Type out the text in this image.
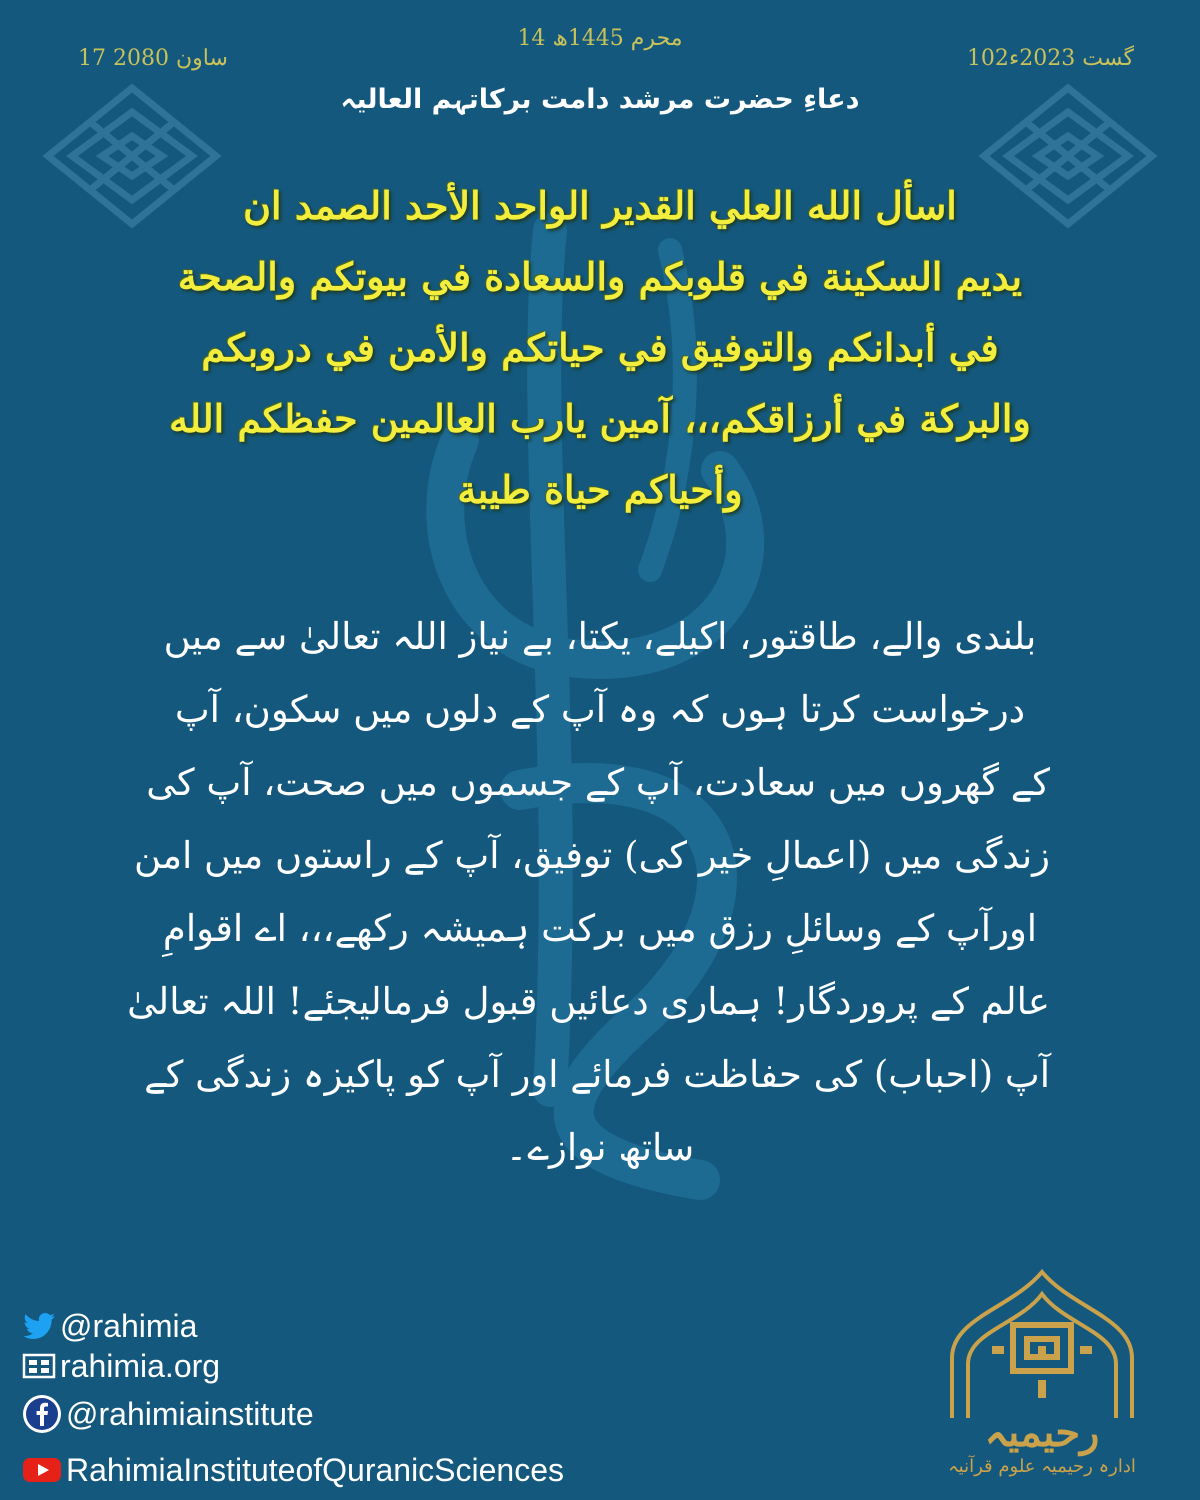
14 محرم 1445ھ
102گست 2023ء
17 ساون 2080
دعاءِ حضرت مرشد دامت برکاتہم العالیہ
اسأل الله العلي القدير الواحد الأحد الصمد ان
يديم السكينة في قلوبكم والسعادة في بيوتكم والصحة
في أبدانكم والتوفيق في حياتكم والأمن في دروبكم
والبركة في أرزاقكم،،، آمين يارب العالمين حفظكم الله
وأحياكم حياة طيبة
بلندی والے، طاقتور، اکیلے، یکتا، بے نیاز اللہ تعالیٰ سے میں
درخواست کرتا ہوں کہ وہ آپ کے دلوں میں سکون، آپ
کے گھروں میں سعادت، آپ کے جسموں میں صحت، آپ کی
زندگی میں (اعمالِ خیر کی) توفیق، آپ کے راستوں میں امن
اورآپ کے وسائلِ رزق میں برکت ہمیشہ رکھے،،، اے اقوامِ
عالم کے پروردگار! ہماری دعائیں قبول فرمالیجئے! اللہ تعالیٰ
آپ (احباب) کی حفاظت فرمائے اور آپ کو پاکیزہ زندگی کے
ساتھ نوازے۔
@rahimia
rahimia.org
@rahimiainstitute
RahimiaInstituteofQuranicSciences
رحیمیہ
ادارہ رحیمیہ علوم قرآنیہ
